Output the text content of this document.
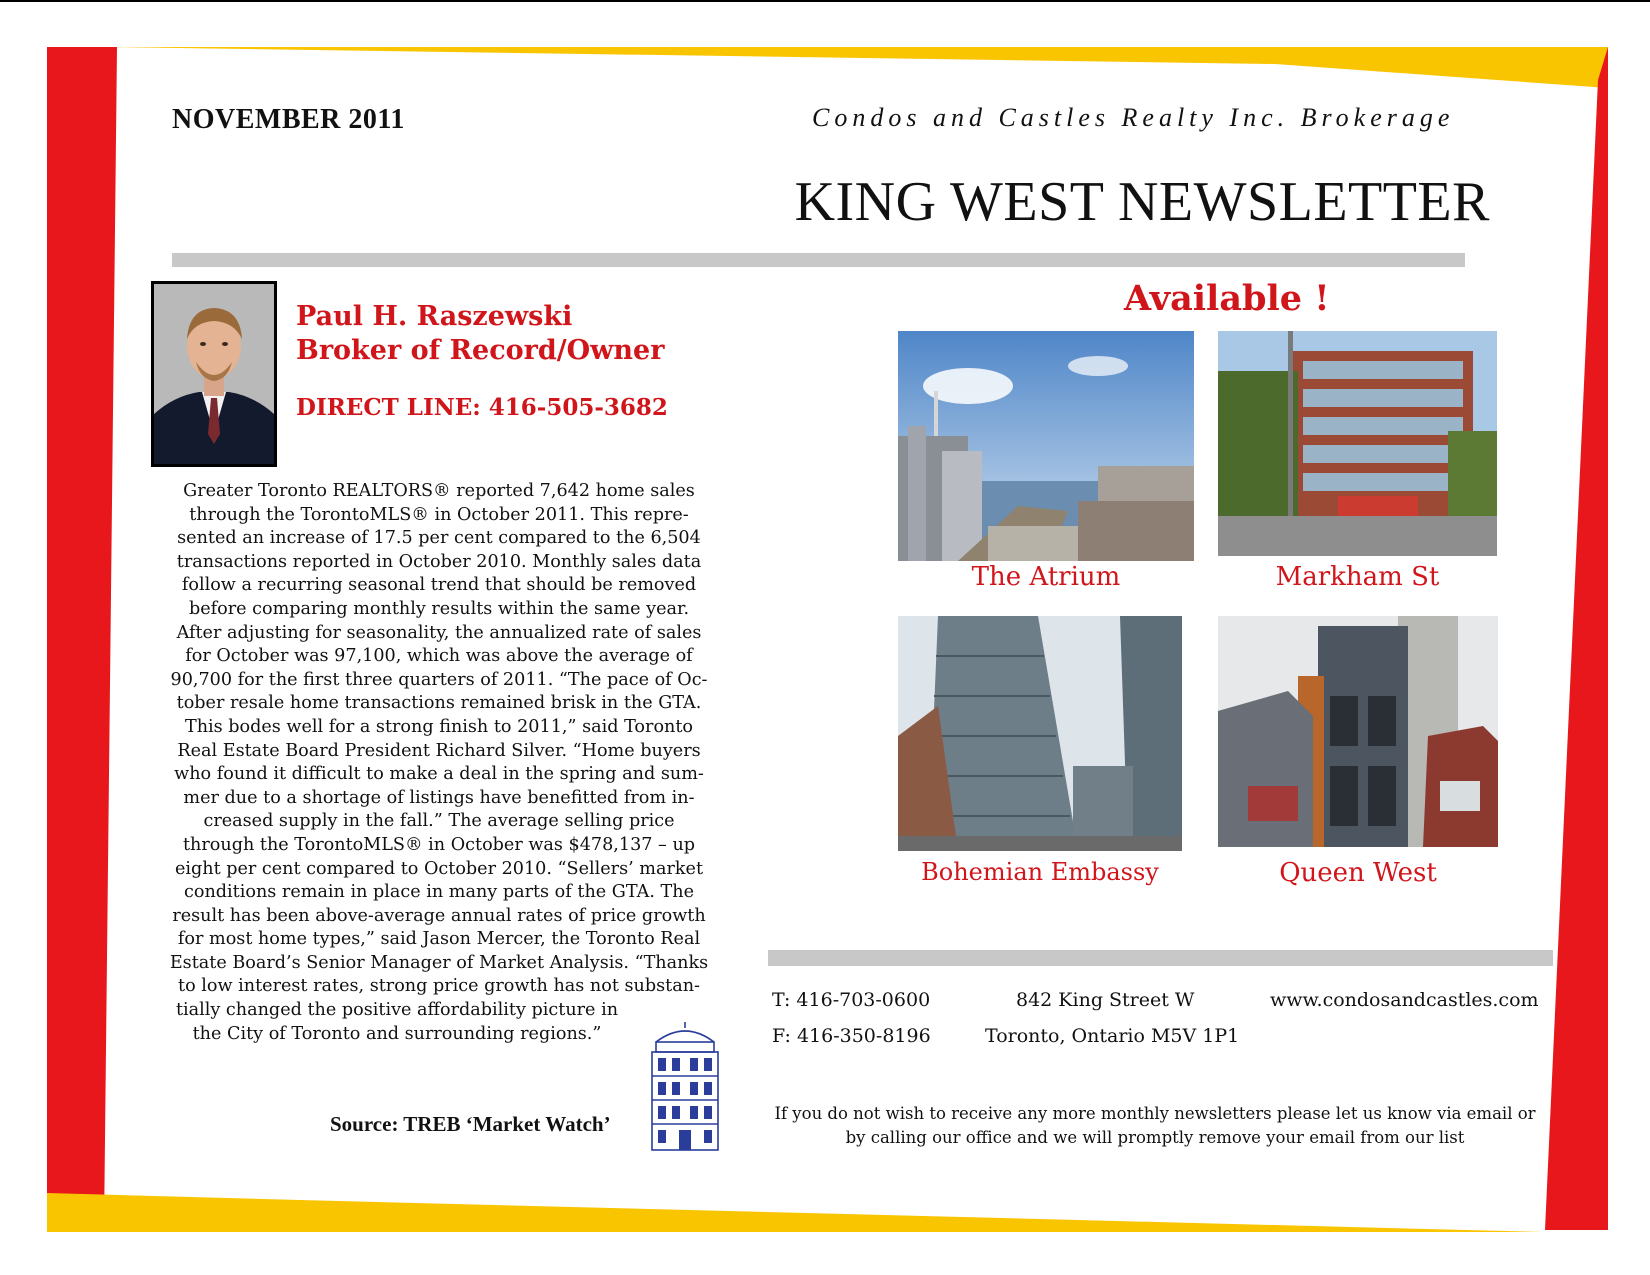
NOVEMBER 2011	Condos and Castles Realty Inc. Brokerage
KING WEST NEWSLETTER
Paul H. Raszewski
Broker of Record/Owner
DIRECT LINE: 416-505-3682
Greater Toronto REALTORS® reported 7,642 home sales
through the TorontoMLS® in October 2011. This repre-
sented an increase of 17.5 per cent compared to the 6,504
transactions reported in October 2010. Monthly sales data
follow a recurring seasonal trend that should be removed
before comparing monthly results within the same year.
After adjusting for seasonality, the annualized rate of sales
for October was 97,100, which was above the average of
90,700 for the first three quarters of 2011. “The pace of Oc-
tober resale home transactions remained brisk in the GTA.
This bodes well for a strong finish to 2011,” said Toronto
Real Estate Board President Richard Silver. “Home buyers
who found it difficult to make a deal in the spring and sum-
mer due to a shortage of listings have benefitted from in-
creased supply in the fall.” The average selling price
through the TorontoMLS® in October was $478,137 – up
eight per cent compared to October 2010. “Sellers’ market
conditions remain in place in many parts of the GTA. The
result has been above-average annual rates of price growth
for most home types,” said Jason Mercer, the Toronto Real
Estate Board’s Senior Manager of Market Analysis. “Thanks
to low interest rates, strong price growth has not substan-
tially changed the positive affordability picture in
the City of Toronto and surrounding regions.”
Source: TREB ‘Market Watch’
Available !
The Atrium	Markham St
Bohemian Embassy	Queen West
T: 416-703-0600
F: 416-350-8196
842 King Street W
Toronto, Ontario M5V 1P1
www.condosandcastles.com
If you do not wish to receive any more monthly newsletters please let us know via email or
by calling our office and we will promptly remove your email from our list
